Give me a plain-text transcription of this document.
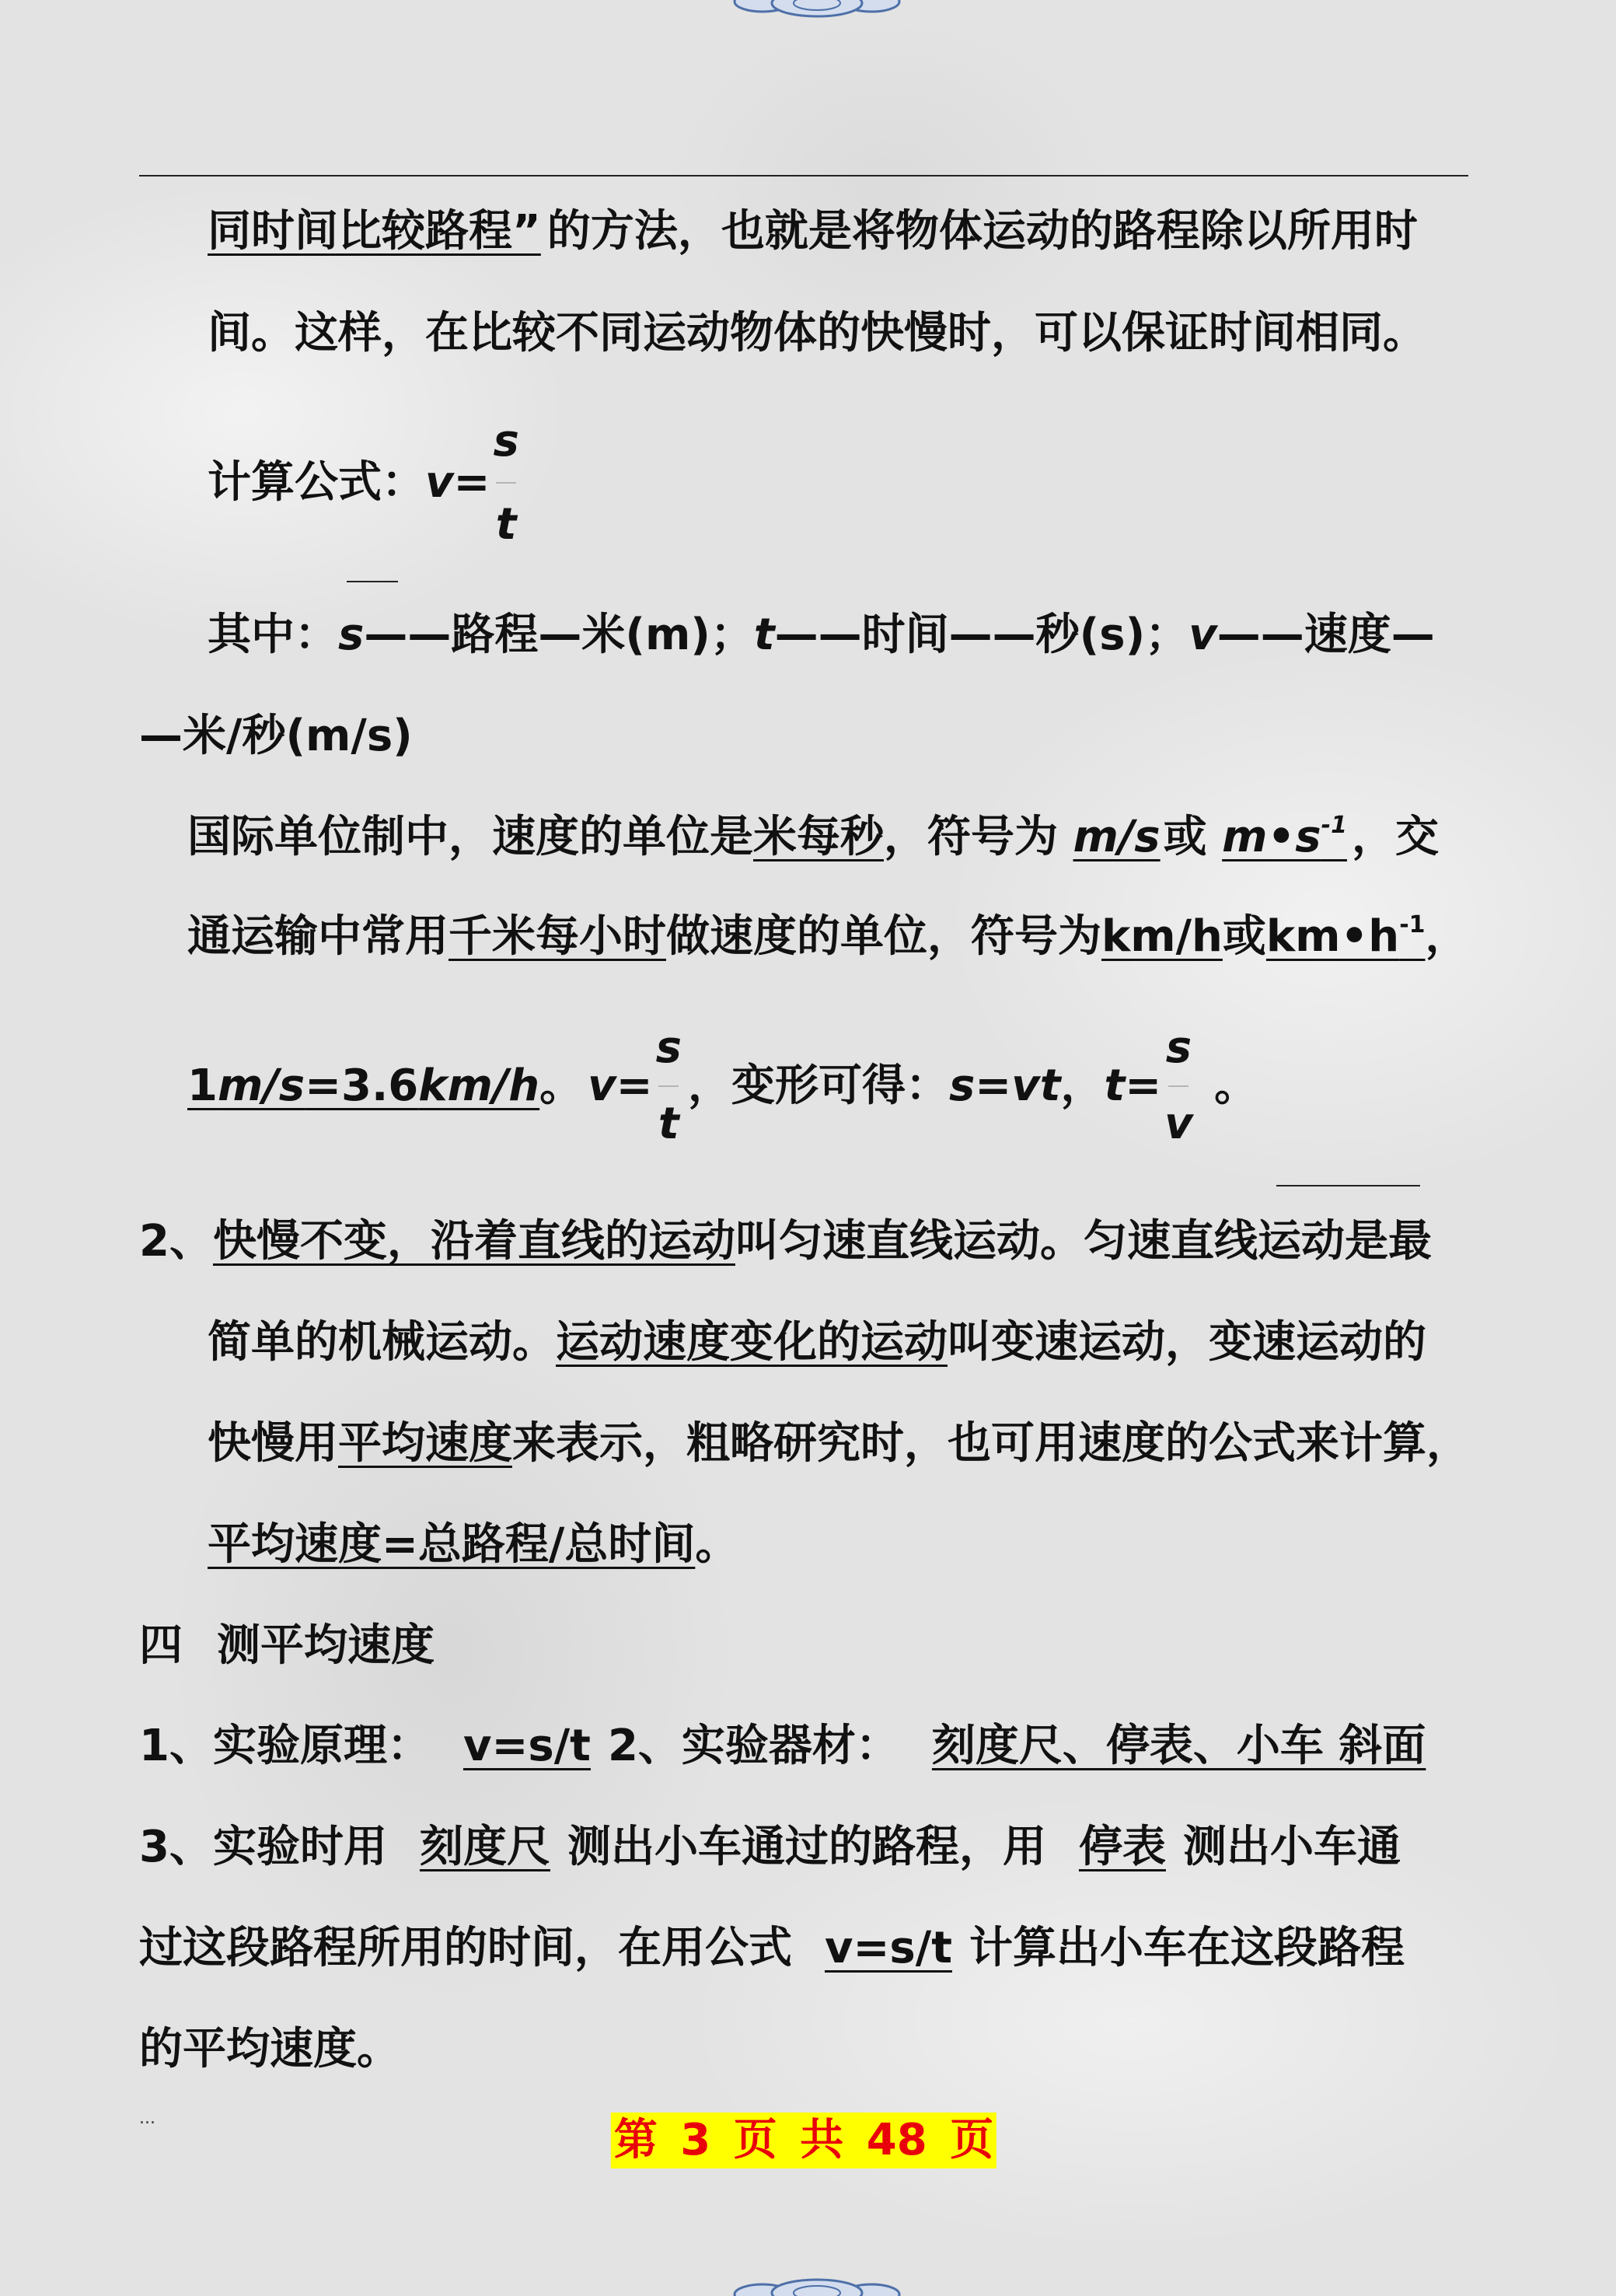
同时间比较路程” 的方法，也就是将物体运动的路程除以所用时
间。这样，在比较不同运动物体的快慢时，可以保证时间相同。
计算公式： v=
s
t
其中： s ——路程—米(m)； t ——时间——秒(s)； v ——速度—
—米/秒(m/s)
国际单位制中，速度的单位是 米每秒 ，符号为 m/s 或 $m•s^{-1}$ ，交
通运输中常用 千米每小时 做速度的单位，符号为 km/h 或 $km•h^{-1}$ ，
1m/s=3.6km/h 。 v=
s
t
，变形可得： s=vt ， t=
s
v
。
2、 快慢不变，沿着直线的运动 叫匀速直线运动。匀速直线运动是最
简单的机械运动。 运动速度变化的运动 叫变速运动，变速运动的
快慢用 平均速度 来表示，粗略研究时，也可用速度的公式来计算，
平均速度=总路程/总时间 。
四 测平均速度
1、实验原理： v=s/t 2、实验器材： 刻度尺、停表、小车 斜面
3、实验时用 刻度尺 测出小车通过的路程，用 停表 测出小车通
过这段路程所用的时间，在用公式 v=s/t 计算出小车在这段路程
的平均速度。
...	第 3 页 共 48 页
